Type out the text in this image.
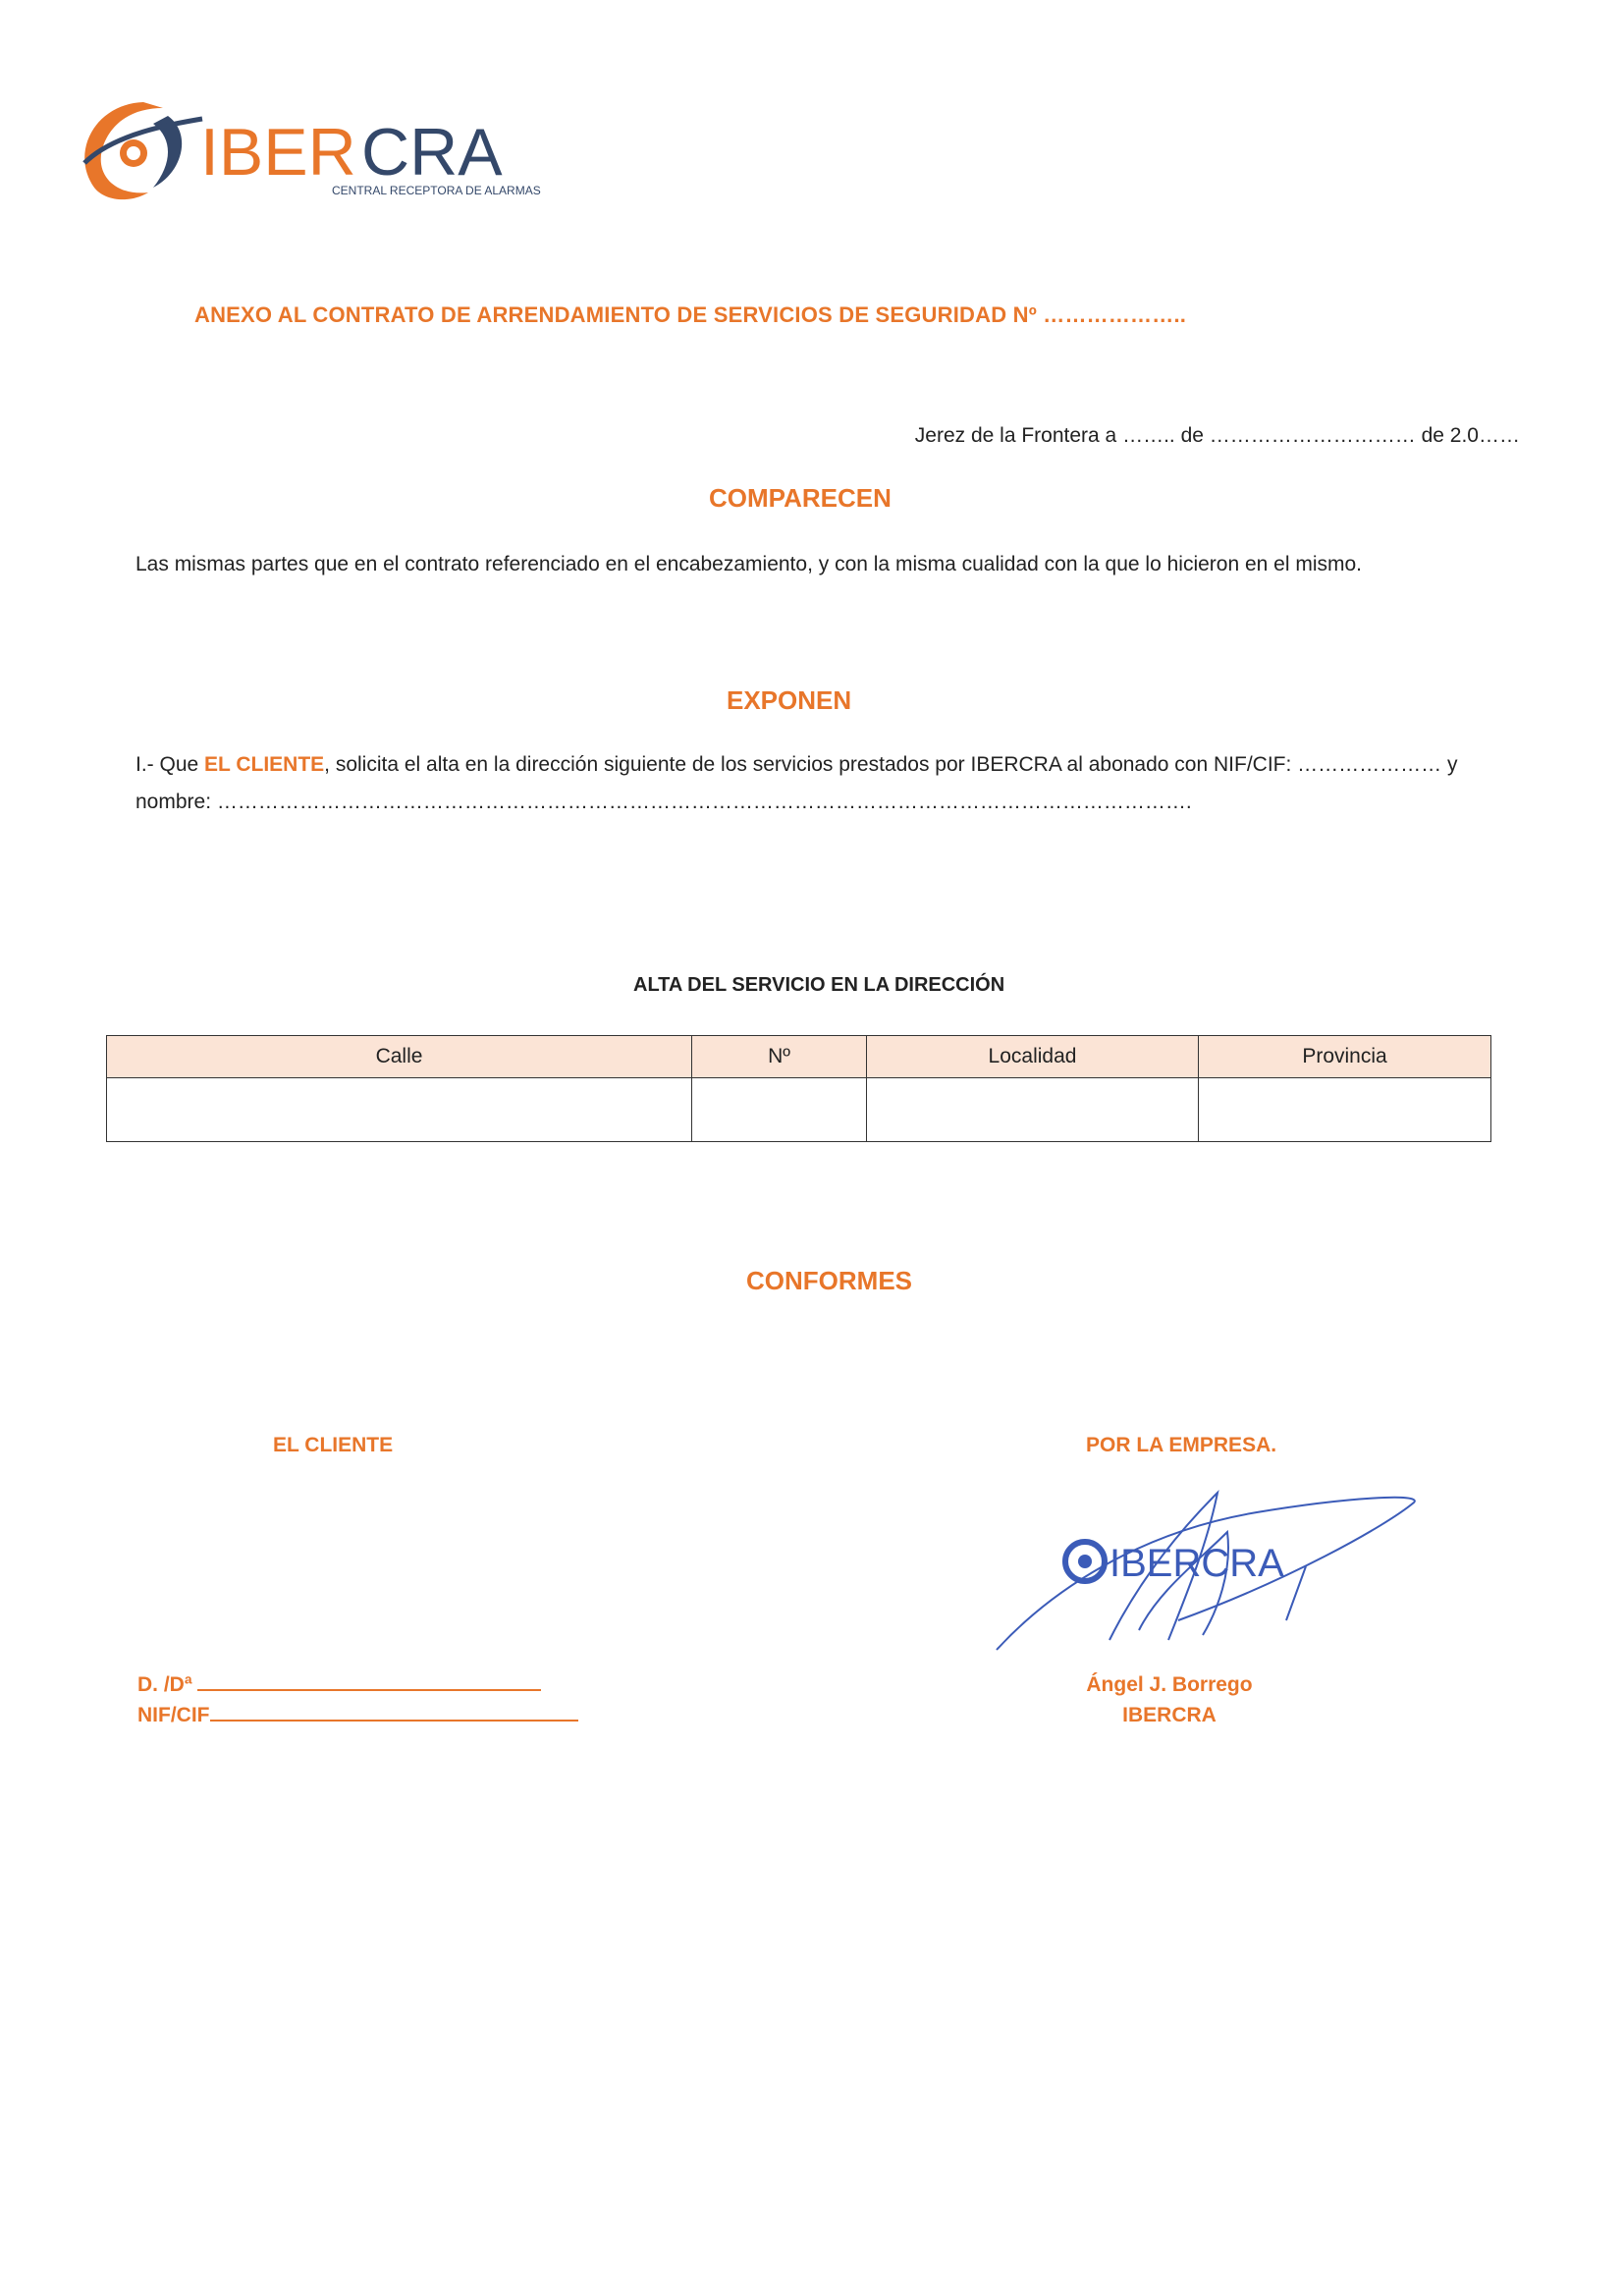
IBER CRA
CENTRAL RECEPTORA DE ALARMAS
ANEXO AL CONTRATO DE ARRENDAMIENTO DE SERVICIOS DE SEGURIDAD Nº ………………..
Jerez de la Frontera a …….. de ………………………… de 2.0……
COMPARECEN
Las mismas partes que en el contrato referenciado en el encabezamiento, y con la misma cualidad con la que lo hicieron en el mismo.
EXPONEN
I.- Que EL CLIENTE, solicita el alta en la dirección siguiente de los servicios prestados por IBERCRA al abonado con NIF/CIF: ………………… y nombre: …………………………………………………………………………………………………………………………….
ALTA DEL SERVICIO EN LA DIRECCIÓN
Calle	Nº	Localidad	Provincia

CONFORMES
EL CLIENTE	POR LA EMPRESA.
IBERCRA
D. /Dª
NIF/CIF
Ángel J. Borrego
IBERCRA
